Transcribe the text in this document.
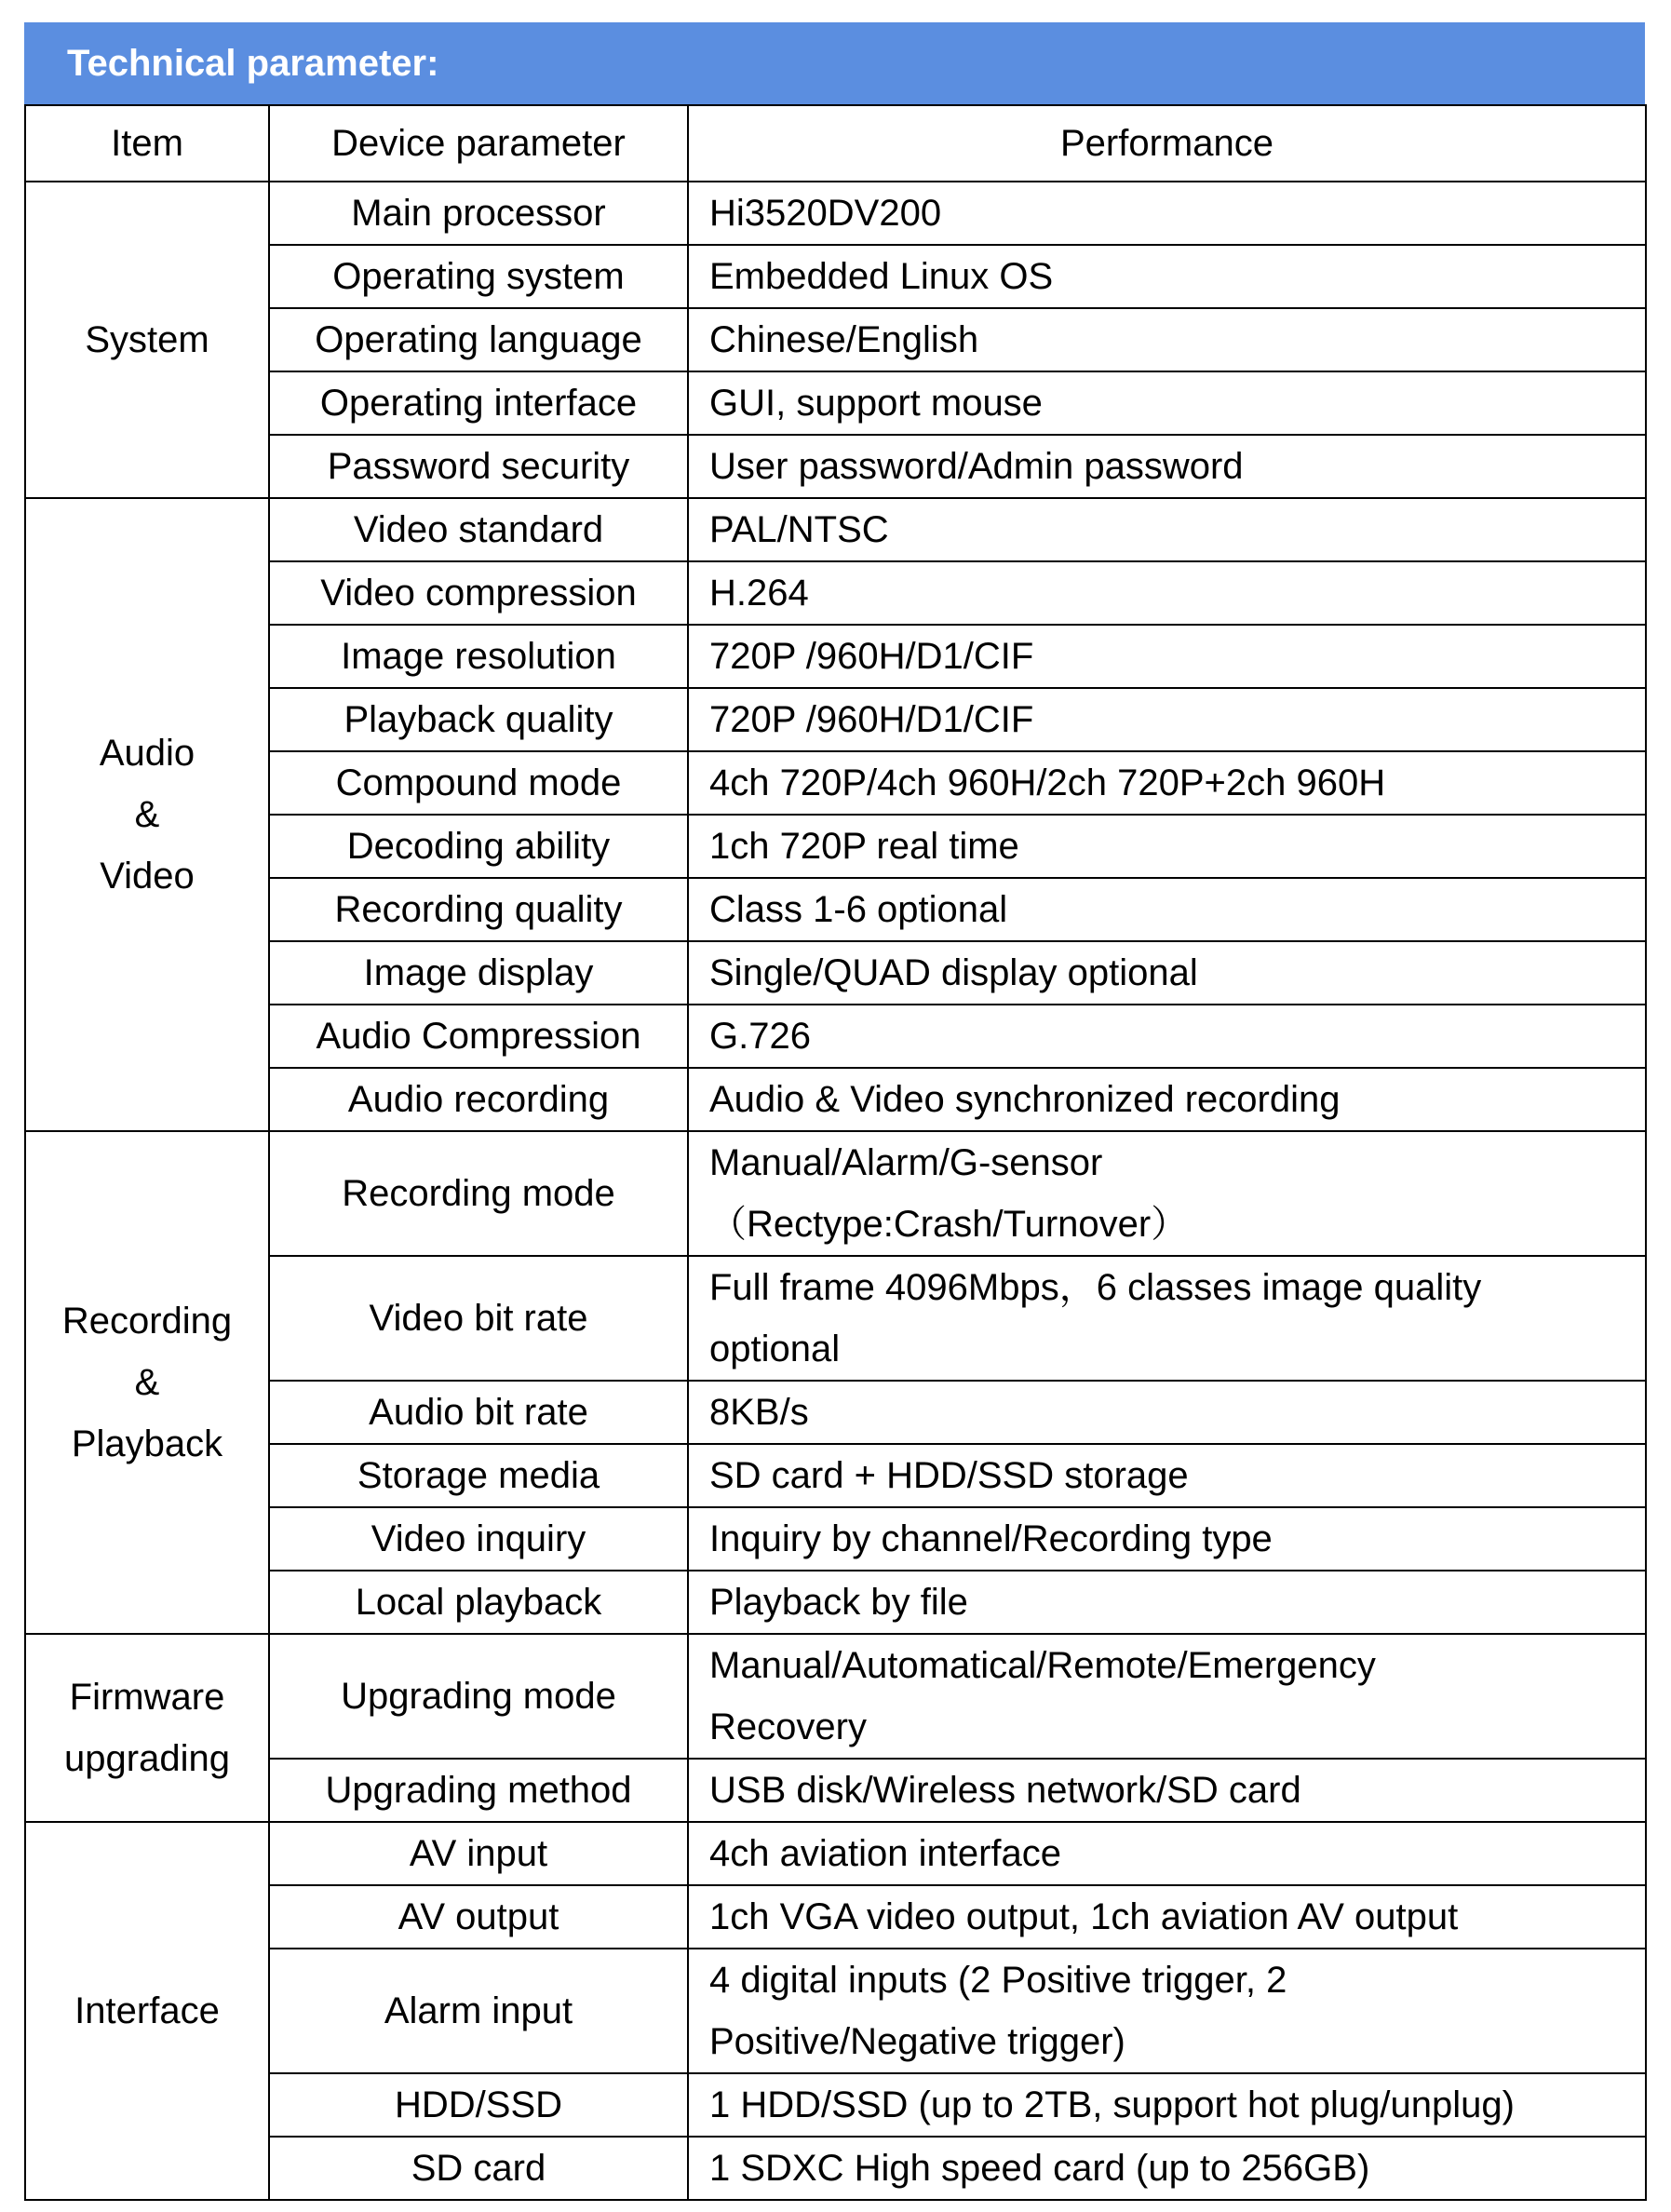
Technical parameter:
Item	Device parameter	Performance

System	Main processor	Hi3520DV200

	Operating system	Embedded Linux OS

	Operating language	Chinese/English

	Operating interface	GUI, support mouse

	Password security	User password/Admin password

Audio
&
Video	Video standard	PAL/NTSC

	Video compression	H.264

	Image resolution	720P /960H/D1/CIF

	Playback quality	720P /960H/D1/CIF

	Compound mode	4ch 720P/4ch 960H/2ch 720P+2ch 960H

	Decoding ability	1ch 720P real time

	Recording quality	Class 1-6 optional

	Image display	Single/QUAD display optional

	Audio Compression	G.726

	Audio recording	Audio & Video synchronized recording

Recording
&
Playback	Recording mode	Manual/Alarm/G-sensor
（Rectype:Crash/Turnover）

	Video bit rate	Full frame 4096Mbps，6 classes image quality
optional

	Audio bit rate	8KB/s

	Storage media	SD card + HDD/SSD storage

	Video inquiry	Inquiry by channel/Recording type

	Local playback	Playback by file

Firmware
upgrading	Upgrading mode	Manual/Automatical/Remote/Emergency
Recovery

	Upgrading method	USB disk/Wireless network/SD card

Interface	AV input	4ch aviation interface

	AV output	1ch VGA video output, 1ch aviation AV output

	Alarm input	4 digital inputs (2 Positive trigger, 2
Positive/Negative trigger)

	HDD/SSD	1 HDD/SSD (up to 2TB, support hot plug/unplug)

	SD card	1 SDXC High speed card (up to 256GB)
